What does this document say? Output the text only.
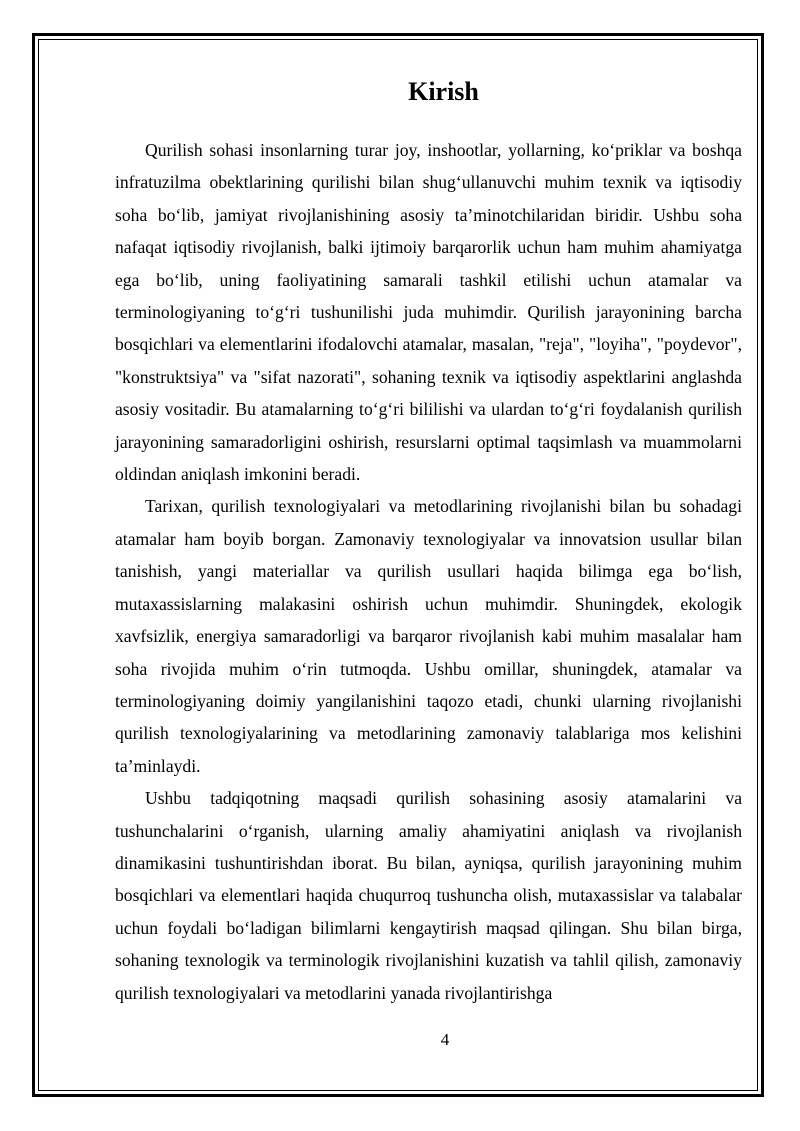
Kirish

Qurilish sohasi insonlarning turar joy, inshootlar, yollarning, ko‘priklar va boshqa infratuzilma obektlarining qurilishi bilan shug‘ullanuvchi muhim texnik va iqtisodiy soha bo‘lib, jamiyat rivojlanishining asosiy ta’minotchilaridan biridir. Ushbu soha nafaqat iqtisodiy rivojlanish, balki ijtimoiy barqarorlik uchun ham muhim ahamiyatga ega bo‘lib, uning faoliyatining samarali tashkil etilishi uchun atamalar va terminologiyaning to‘g‘ri tushunilishi juda muhimdir. Qurilish jarayonining barcha bosqichlari va elementlarini ifodalovchi atamalar, masalan, "reja", "loyiha", "poydevor", "konstruktsiya" va "sifat nazorati", sohaning texnik va iqtisodiy aspektlarini anglashda asosiy vositadir. Bu atamalarning to‘g‘ri bililishi va ulardan to‘g‘ri foydalanish qurilish jarayonining samaradorligini oshirish, resurslarni optimal taqsimlash va muammolarni oldindan aniqlash imkonini beradi.

Tarixan, qurilish texnologiyalari va metodlarining rivojlanishi bilan bu sohadagi atamalar ham boyib borgan. Zamonaviy texnologiyalar va innovatsion usullar bilan tanishish, yangi materiallar va qurilish usullari haqida bilimga ega bo‘lish, mutaxassislarning malakasini oshirish uchun muhimdir. Shuningdek, ekologik xavfsizlik, energiya samaradorligi va barqaror rivojlanish kabi muhim masalalar ham soha rivojida muhim o‘rin tutmoqda. Ushbu omillar, shuningdek, atamalar va terminologiyaning doimiy yangilanishini taqozo etadi, chunki ularning rivojlanishi qurilish texnologiyalarining va metodlarining zamonaviy talablariga mos kelishini ta’minlaydi.

Ushbu tadqiqotning maqsadi qurilish sohasining asosiy atamalarini va tushunchalarini o‘rganish, ularning amaliy ahamiyatini aniqlash va rivojlanish dinamikasini tushuntirishdan iborat. Bu bilan, ayniqsa, qurilish jarayonining muhim bosqichlari va elementlari haqida chuqurroq tushuncha olish, mutaxassislar va talabalar uchun foydali bo‘ladigan bilimlarni kengaytirish maqsad qilingan. Shu bilan birga, sohaning texnologik va terminologik rivojlanishini kuzatish va tahlil qilish, zamonaviy qurilish texnologiyalari va metodlarini yanada rivojlantirishga

4
